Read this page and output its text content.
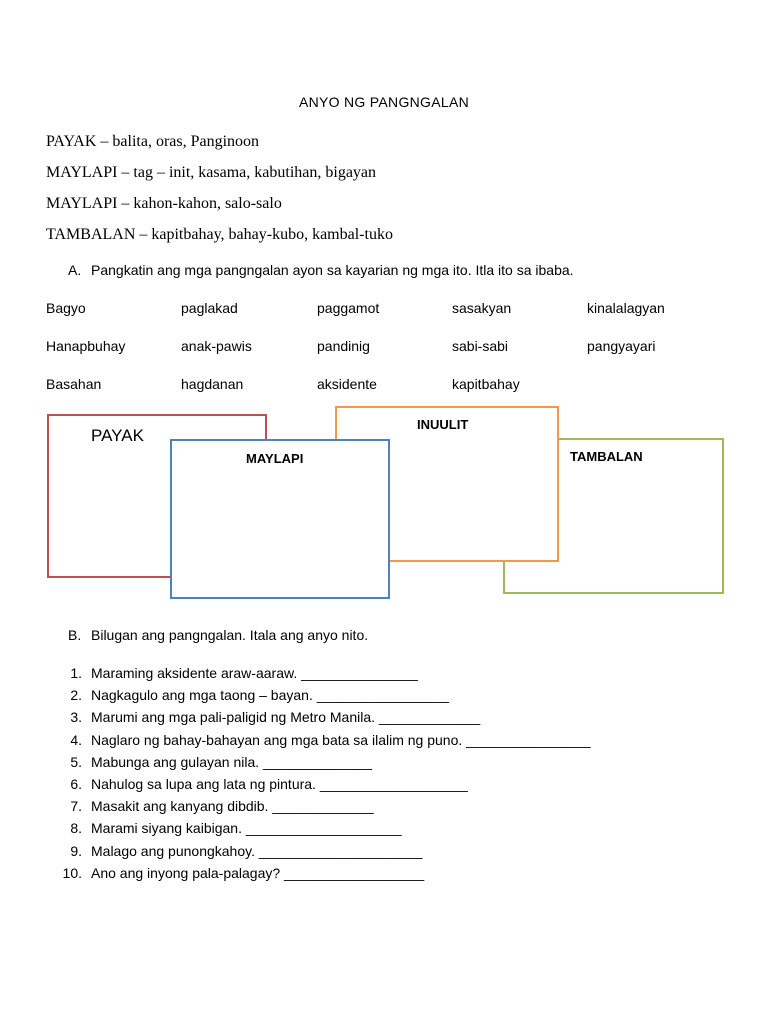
ANYO NG PANGNGALAN
PAYAK – balita, oras, Panginoon
MAYLAPI – tag – init, kasama, kabutihan, bigayan
MAYLAPI – kahon-kahon, salo-salo
TAMBALAN – kapitbahay, bahay-kubo, kambal-tuko
A. Pangkatin ang mga pangngalan ayon sa kayarian ng mga ito. Itla ito sa ibaba.
Bagyo	paglakad	paggamot	sasakyan	kinalalagyan
Hanapbuhay	anak-pawis	pandinig	sabi-sabi	pangyayari
Basahan	hagdanan	aksidente	kapitbahay
PAYAK
TAMBALAN
INUULIT
MAYLAPI
B. Bilugan ang pangngalan. Itala ang anyo nito.
1. Maraming aksidente araw-aaraw. _______________
2. Nagkagulo ang mga taong – bayan. _________________
3. Marumi ang mga pali-paligid ng Metro Manila. _____________
4. Naglaro ng bahay-bahayan ang mga bata sa ilalim ng puno. ________________
5. Mabunga ang gulayan nila. ______________
6. Nahulog sa lupa ang lata ng pintura. ___________________
7. Masakit ang kanyang dibdib. _____________
8. Marami siyang kaibigan. ____________________
9. Malago ang punongkahoy. _____________________
10. Ano ang inyong pala-palagay? __________________
